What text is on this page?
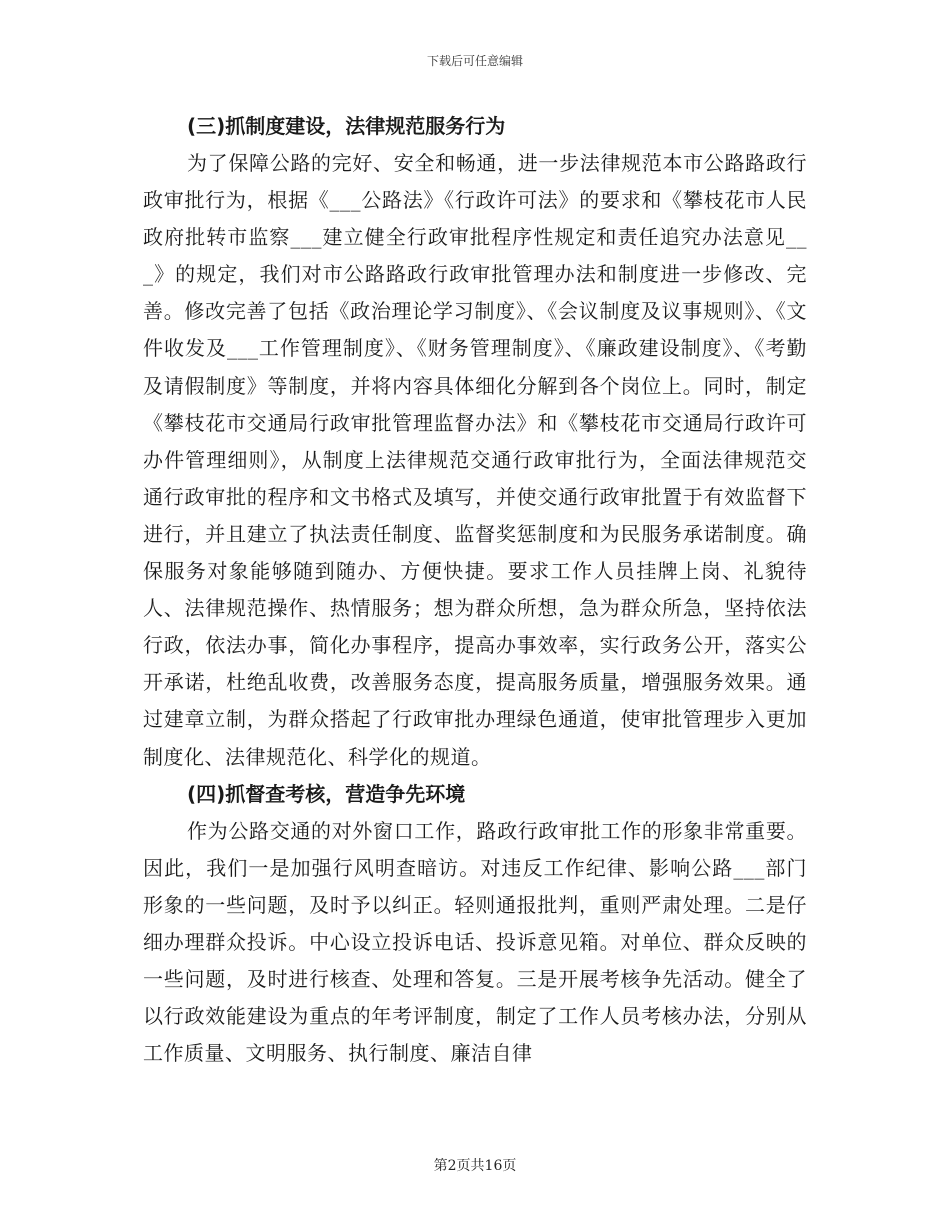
下载后可任意编辑
(三)抓制度建设，法律规范服务行为

为了保障公路的完好、安全和畅通，进一步法律规范本市公路路政行政审批行为，根据《___公路法》《行政许可法》的要求和《攀枝花市人民政府批转市监察___建立健全行政审批程序性规定和责任追究办法意见___》的规定，我们对市公路路政行政审批管理办法和制度进一步修改、完善。修改完善了包括《政治理论学习制度》、《会议制度及议事规则》、《文件收发及___工作管理制度》、《财务管理制度》、《廉政建设制度》、《考勤及请假制度》等制度，并将内容具体细化分解到各个岗位上。同时，制定《攀枝花市交通局行政审批管理监督办法》和《攀枝花市交通局行政许可办件管理细则》，从制度上法律规范交通行政审批行为，全面法律规范交通行政审批的程序和文书格式及填写，并使交通行政审批置于有效监督下进行，并且建立了执法责任制度、监督奖惩制度和为民服务承诺制度。确保服务对象能够随到随办、方便快捷。要求工作人员挂牌上岗、礼貌待人、法律规范操作、热情服务；想为群众所想，急为群众所急，坚持依法行政，依法办事，简化办事程序，提高办事效率，实行政务公开，落实公开承诺，杜绝乱收费，改善服务态度，提高服务质量，增强服务效果。通过建章立制，为群众搭起了行政审批办理绿色通道，使审批管理步入更加制度化、法律规范化、科学化的规道。

(四)抓督查考核，营造争先环境

作为公路交通的对外窗口工作，路政行政审批工作的形象非常重要。因此，我们一是加强行风明查暗访。对违反工作纪律、影响公路___部门形象的一些问题，及时予以纠正。轻则通报批判，重则严肃处理。二是仔细办理群众投诉。中心设立投诉电话、投诉意见箱。对单位、群众反映的一些问题，及时进行核查、处理和答复。三是开展考核争先活动。健全了以行政效能建设为重点的年考评制度，制定了工作人员考核办法，分别从工作质量、文明服务、执行制度、廉洁自律

第2页共16页
